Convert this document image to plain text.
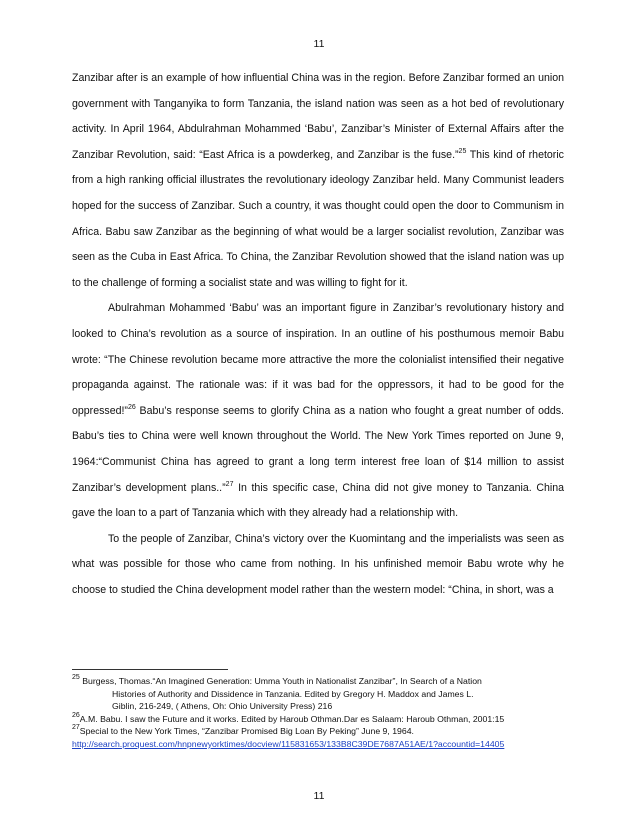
11

Zanzibar after is an example of how influential China was in the region. Before Zanzibar formed an union government with Tanganyika to form Tanzania, the island nation was seen as a hot bed of revolutionary activity. In April 1964, Abdulrahman Mohammed ‘Babu’, Zanzibar’s Minister of External Affairs after the Zanzibar Revolution, said: “East Africa is a powderkeg, and Zanzibar is the fuse.”$^{25}$ This kind of rhetoric from a high ranking official illustrates the revolutionary ideology Zanzibar held. Many Communist leaders hoped for the success of Zanzibar. Such a country, it was thought could open the door to Communism in Africa. Babu saw Zanzibar as the beginning of what would be a larger socialist revolution, Zanzibar was seen as the Cuba in East Africa. To China, the Zanzibar Revolution showed that the island nation was up to the challenge of forming a socialist state and was willing to fight for it.

Abulrahman Mohammed ‘Babu’ was an important figure in Zanzibar’s revolutionary history and looked to China’s revolution as a source of inspiration. In an outline of his posthumous memoir Babu wrote: “The Chinese revolution became more attractive the more the colonialist intensified their negative propaganda against. The rationale was: if it was bad for the oppressors, it had to be good for the oppressed!”$^{26}$ Babu’s response seems to glorify China as a nation who fought a great number of odds. Babu’s ties to China were well known throughout the World. The New York Times reported on June 9, 1964:“Communist China has agreed to grant a long term interest free loan of $14 million to assist Zanzibar’s development plans..”$^{27}$ In this specific case, China did not give money to Tanzania. China gave the loan to a part of Tanzania which with they already had a relationship with.

To the people of Zanzibar, China’s victory over the Kuomintang and the imperialists was seen as what was possible for those who came from nothing. In his unfinished memoir Babu wrote why he choose to studied the China development model rather than the western model: “China, in short, was a

$^{25}$ Burgess, Thomas.“An Imagined Generation: Umma Youth in Nationalist Zanzibar”, In Search of a Nation
Histories of Authority and Dissidence in Tanzania. Edited by Gregory H. Maddox and James L.
Giblin, 216-249, ( Athens, Oh: Ohio University Press) 216

$^{26}$A.M. Babu. I saw the Future and it works. Edited by Haroub Othman.Dar es Salaam: Haroub Othman, 2001:15

$^{27}$Special to the New York Times, “Zanzibar Promised Big Loan By Peking” June 9, 1964.
http://search.proquest.com/hnpnewyorktimes/docview/115831653/133B8C39DE7687A51AE/1?accountid=14405

11
